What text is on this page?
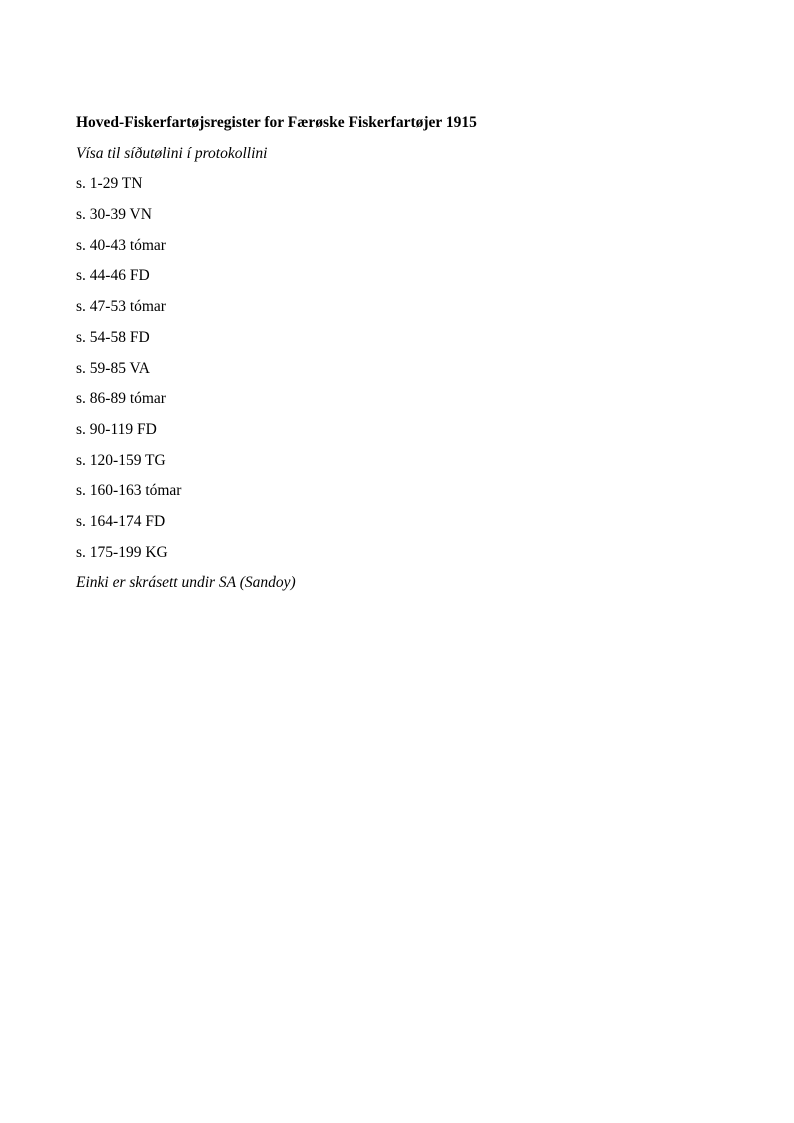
Hoved-Fiskerfartøjsregister for Færøske Fiskerfartøjer 1915
Vísa til síðutølini í protokollini
s. 1-29 TN
s. 30-39 VN
s. 40-43 tómar
s. 44-46 FD
s. 47-53 tómar
s. 54-58 FD
s. 59-85 VA
s. 86-89 tómar
s. 90-119 FD
s. 120-159 TG
s. 160-163 tómar
s. 164-174 FD
s. 175-199 KG
Einki er skrásett undir SA (Sandoy)
